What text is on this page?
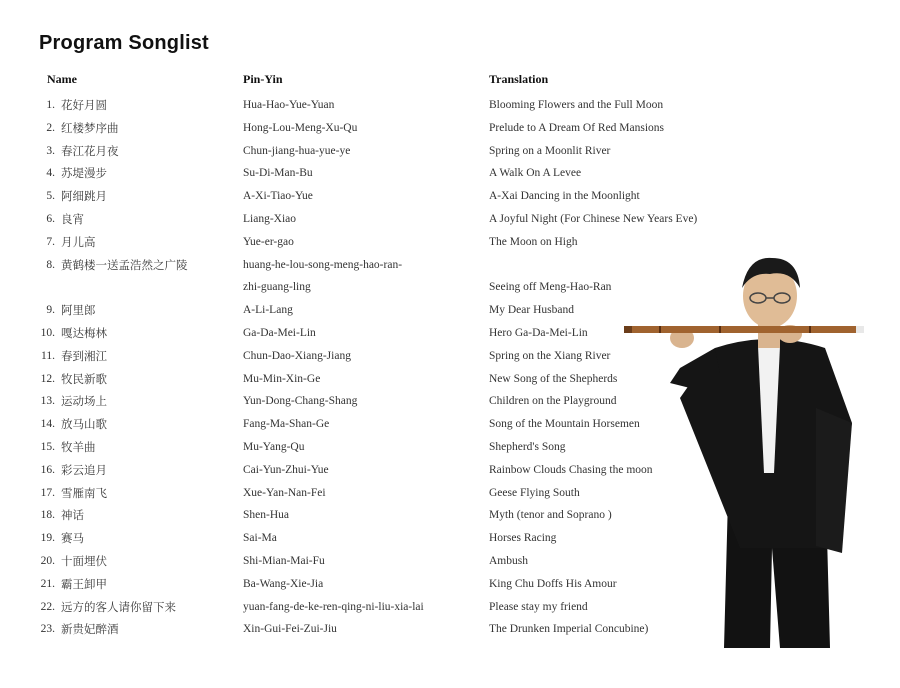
Program Songlist
Name	Pin-Yin	Translation
1. 花好月圆	Hua-Hao-Yue-Yuan	Blooming Flowers and the Full Moon
2. 红楼梦序曲	Hong-Lou-Meng-Xu-Qu	Prelude to A Dream Of Red Mansions
3. 春江花月夜	Chun-jiang-hua-yue-ye	Spring on a Moonlit River
4. 苏堤漫步	Su-Di-Man-Bu	A Walk On A Levee
5. 阿细跳月	A-Xi-Tiao-Yue	A-Xai Dancing in the Moonlight
6. 良宵	Liang-Xiao	A Joyful Night (For Chinese New Years Eve)
7. 月儿高	Yue-er-gao	The Moon on High
8. 黄鹤楼一送孟浩然之广陵	huang-he-lou-song-meng-hao-ran-
zhi-guang-ling	Seeing off Meng-Hao-Ran
9. 阿里郎	A-Li-Lang	My Dear Husband
10. 嘎达梅林	Ga-Da-Mei-Lin	Hero Ga-Da-Mei-Lin
11. 春到湘江	Chun-Dao-Xiang-Jiang	Spring on the Xiang River
12. 牧民新歌	Mu-Min-Xin-Ge	New Song of the Shepherds
13. 运动场上	Yun-Dong-Chang-Shang	Children on the Playground
14. 放马山歌	Fang-Ma-Shan-Ge	Song of the Mountain Horsemen
15. 牧羊曲	Mu-Yang-Qu	Shepherd's Song
16. 彩云追月	Cai-Yun-Zhui-Yue	Rainbow Clouds Chasing the moon
17. 雪雁南飞	Xue-Yan-Nan-Fei	Geese Flying South
18. 神话	Shen-Hua	Myth (tenor and Soprano )
19. 赛马	Sai-Ma	Horses Racing
20. 十面埋伏	Shi-Mian-Mai-Fu	Ambush
21. 霸王卸甲	Ba-Wang-Xie-Jia	King Chu Doffs His Amour
22. 远方的客人请你留下来	yuan-fang-de-ke-ren-qing-ni-liu-xia-lai	Please stay my friend
23. 新贵妃醉酒	Xin-Gui-Fei-Zui-Jiu	The Drunken Imperial Concubine)
